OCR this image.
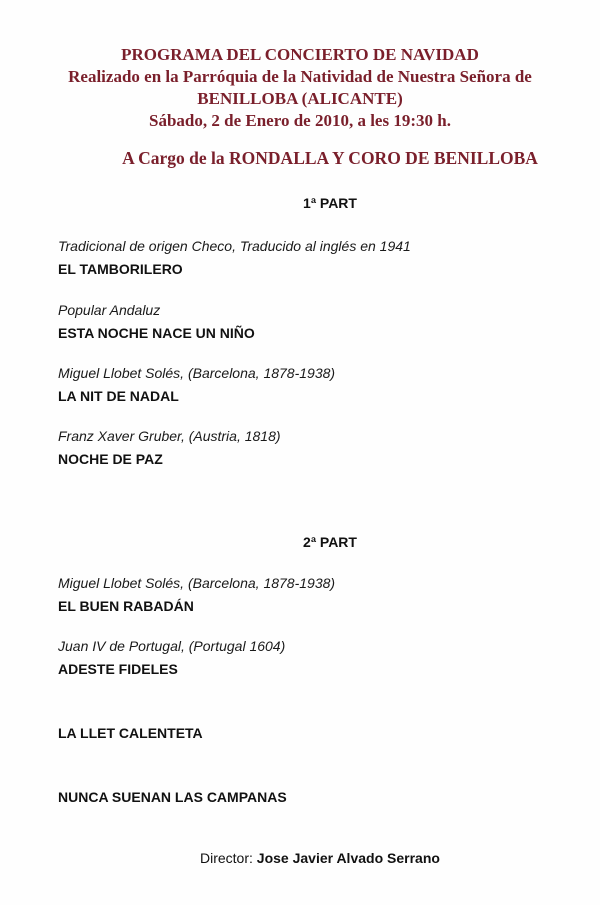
PROGRAMA DEL CONCIERTO DE NAVIDAD
Realizado en la Parróquia de la Natividad de Nuestra Señora de
BENILLOBA (ALICANTE)
Sábado, 2 de Enero de 2010, a les 19:30 h.
A Cargo de la RONDALLA Y CORO DE BENILLOBA
1ª PART
Tradicional de origen Checo, Traducido al inglés en 1941
EL TAMBORILERO
Popular Andaluz
ESTA NOCHE NACE UN NIÑO
Miguel Llobet Solés, (Barcelona, 1878-1938)
LA NIT DE NADAL
Franz Xaver Gruber, (Austria, 1818)
NOCHE DE PAZ
2ª PART
Miguel Llobet Solés, (Barcelona, 1878-1938)
EL BUEN RABADÁN
Juan IV de Portugal, (Portugal 1604)
ADESTE FIDELES
LA LLET CALENTETA
NUNCA SUENAN LAS CAMPANAS
Director: Jose Javier Alvado Serrano
